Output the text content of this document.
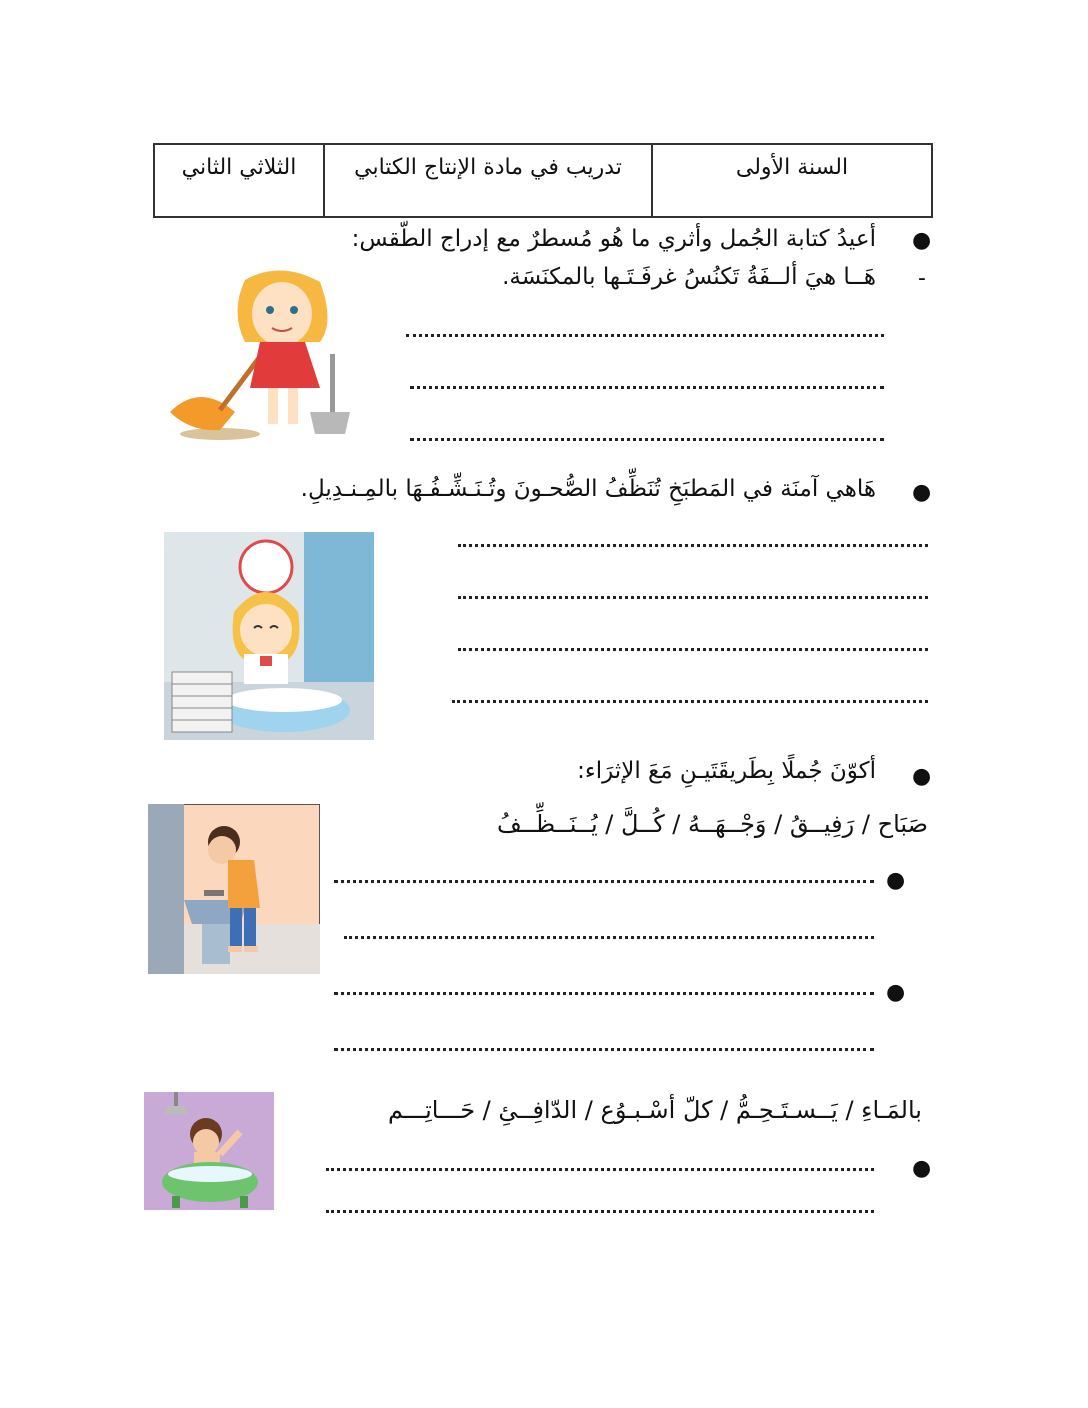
السنة الأولى
تدريب في مادة الإنتاج الكتابي
الثلاثي الثاني
●
أعيدُ كتابة الجُمل وأثري ما هُو مُسطرٌ مع إدراج الطّقس:
-
هَــا هيَ ألــفَةُ تَكنُسُ غرفَـتَـها بالمكنَسَة.
●
هَاهي آمنَة في المَطبَخِ تُنَظِّفُ الصُّحـونَ وتُـنَـشِّـفُـهَا بالمِـنـدِيلِ.
●
أكوّنَ جُملًا بِطَريقَتَيـنِ مَعَ الإثرَاء:
صَبَاح / رَفِيــقُ / وَجْــهَــهُ / كُــلَّ / يُــنَــظِّــفُ
●
●
بالمَـاءِ / يَــسـتَـحِـمُّ / كلّ أسْـبـوُع / الدّافِــئِ / حَـــاتِـــم
●
